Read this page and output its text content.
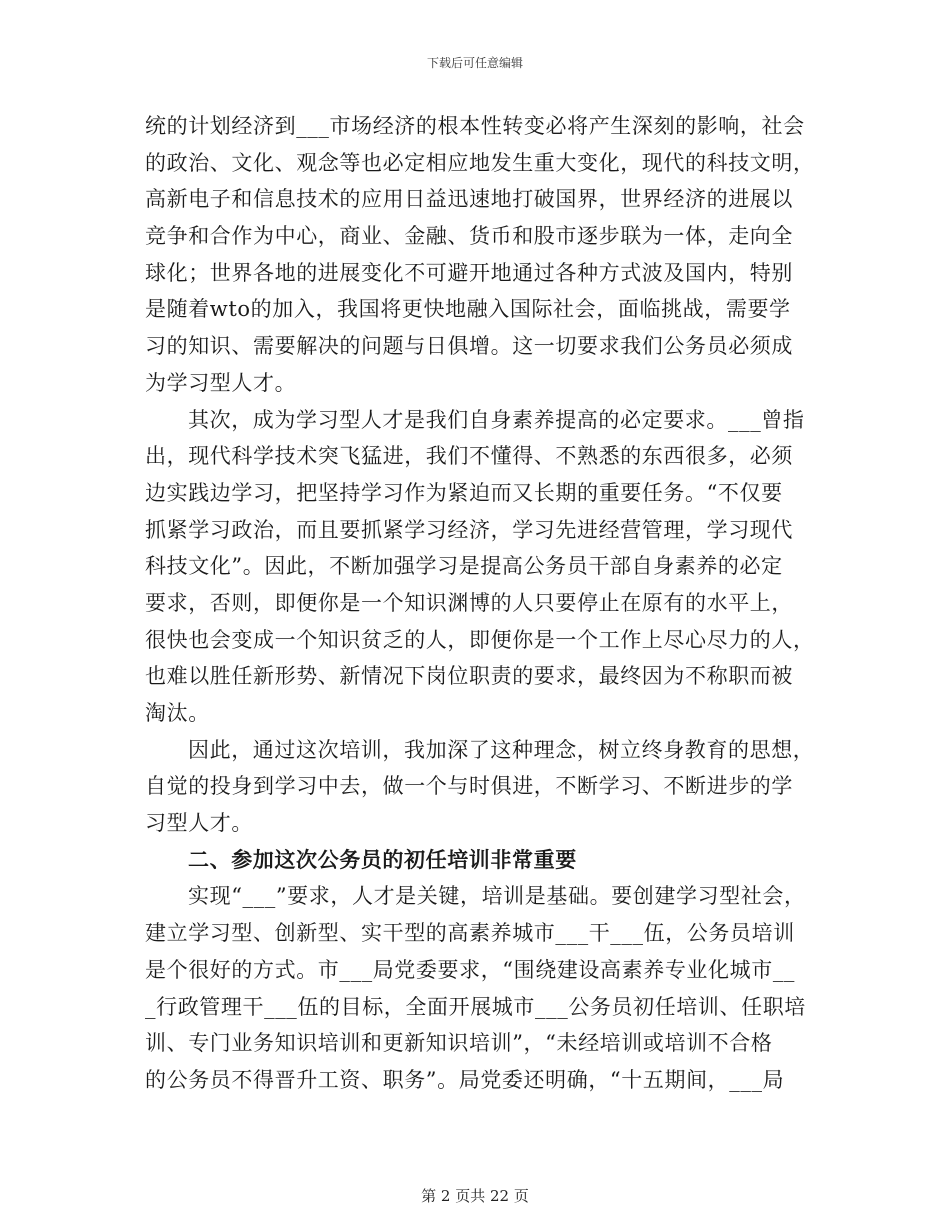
下载后可任意编辑
统的计划经济到___市场经济的根本性转变必将产生深刻的影响，社会
的政治、文化、观念等也必定相应地发生重大变化，现代的科技文明，
高新电子和信息技术的应用日益迅速地打破国界，世界经济的进展以
竞争和合作为中心，商业、金融、货币和股市逐步联为一体，走向全
球化；世界各地的进展变化不可避开地通过各种方式波及国内，特别
是随着wto的加入，我国将更快地融入国际社会，面临挑战，需要学
习的知识、需要解决的问题与日俱增。这一切要求我们公务员必须成
为学习型人才。
其次，成为学习型人才是我们自身素养提高的必定要求。___曾指
出，现代科学技术突飞猛进，我们不懂得、不熟悉的东西很多，必须
边实践边学习，把坚持学习作为紧迫而又长期的重要任务。“不仅要
抓紧学习政治，而且要抓紧学习经济，学习先进经营管理，学习现代
科技文化”。因此，不断加强学习是提高公务员干部自身素养的必定
要求，否则，即便你是一个知识渊博的人只要停止在原有的水平上，
很快也会变成一个知识贫乏的人，即便你是一个工作上尽心尽力的人，
也难以胜任新形势、新情况下岗位职责的要求，最终因为不称职而被
淘汰。
因此，通过这次培训，我加深了这种理念，树立终身教育的思想，
自觉的投身到学习中去，做一个与时俱进，不断学习、不断进步的学
习型人才。
二、参加这次公务员的初任培训非常重要
实现“___”要求，人才是关键，培训是基础。要创建学习型社会，
建立学习型、创新型、实干型的高素养城市___干___伍，公务员培训
是个很好的方式。市___局党委要求，“围绕建设高素养专业化城市__
_行政管理干___伍的目标，全面开展城市___公务员初任培训、任职培
训、专门业务知识培训和更新知识培训”，“未经培训或培训不合格
的公务员不得晋升工资、职务”。局党委还明确，“十五期间，___局
第 2 页共 22 页
